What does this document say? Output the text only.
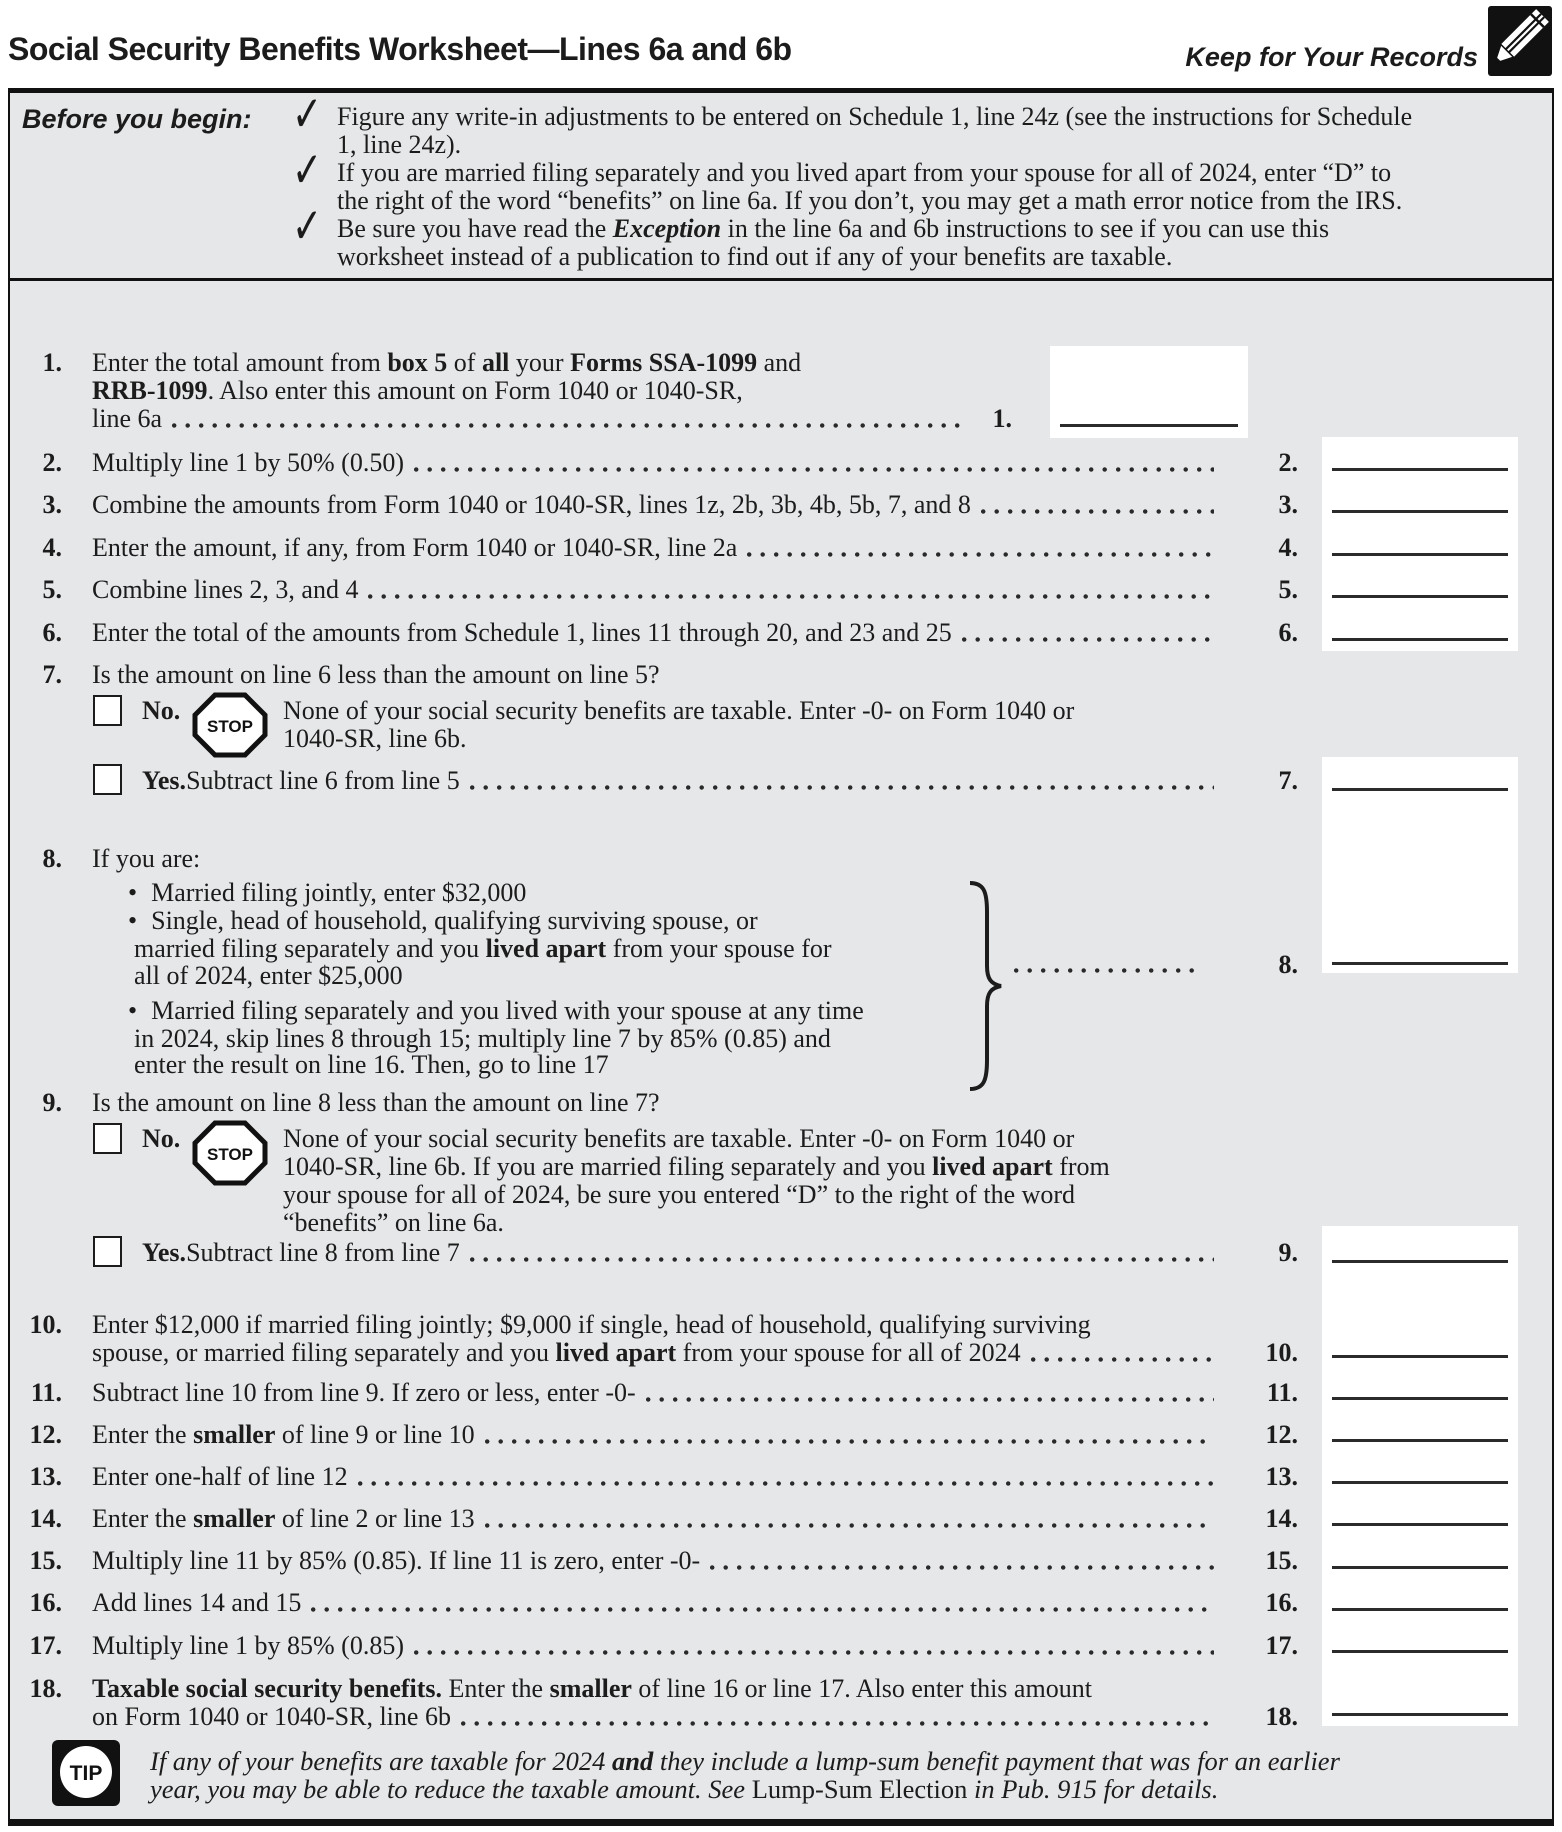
Social Security Benefits Worksheet—Lines 6a and 6b	Keep for Your Records
Before you begin: ✓ Figure any write-in adjustments to be entered on Schedule 1, line 24z (see the instructions for Schedule
1, line 24z).
✓ If you are married filing separately and you lived apart from your spouse for all of 2024, enter “D” to
the right of the word “benefits” on line 6a. If you don’t, you may get a math error notice from the IRS.
✓ Be sure you have read the Exception in the line 6a and 6b instructions to see if you can use this
worksheet instead of a publication to find out if any of your benefits are taxable.
1. Enter the total amount from box 5 of all your Forms SSA-1099 and
RRB-1099. Also enter this amount on Form 1040 or 1040-SR,
line 6a	1.
2. Multiply line 1 by 50% (0.50)	2.
3. Combine the amounts from Form 1040 or 1040-SR, lines 1z, 2b, 3b, 4b, 5b, 7, and 8	3.
4. Enter the amount, if any, from Form 1040 or 1040-SR, line 2a	4.
5. Combine lines 2, 3, and 4	5.
6. Enter the total of the amounts from Schedule 1, lines 11 through 20, and 23 and 25	6.
7. Is the amount on line 6 less than the amount on line 5?
No.
STOP
None of your social security benefits are taxable. Enter -0- on Form 1040 or
1040-SR, line 6b.
Yes. Subtract line 6 from line 5	7.
8. If you are:
• Married filing jointly, enter $32,000
• Single, head of household, qualifying surviving spouse, or
married filing separately and you lived apart from your spouse for
all of 2024, enter $25,000
• Married filing separately and you lived with your spouse at any time
in 2024, skip lines 8 through 15; multiply line 7 by 85% (0.85) and
enter the result on line 16. Then, go to line 17
8.
9. Is the amount on line 8 less than the amount on line 7?
No.
STOP
None of your social security benefits are taxable. Enter -0- on Form 1040 or
1040-SR, line 6b. If you are married filing separately and you lived apart from
your spouse for all of 2024, be sure you entered “D” to the right of the word
“benefits” on line 6a.
Yes. Subtract line 8 from line 7	9.
10. Enter $12,000 if married filing jointly; $9,000 if single, head of household, qualifying surviving
spouse, or married filing separately and you lived apart from your spouse for all of 2024	10.
11. Subtract line 10 from line 9. If zero or less, enter -0-	11.
12. Enter the smaller of line 9 or line 10	12.
13. Enter one-half of line 12	13.
14. Enter the smaller of line 2 or line 13	14.
15. Multiply line 11 by 85% (0.85). If line 11 is zero, enter -0-	15.
16. Add lines 14 and 15	16.
17. Multiply line 1 by 85% (0.85)	17.
18. Taxable social security benefits. Enter the smaller of line 16 or line 17. Also enter this amount
on Form 1040 or 1040-SR, line 6b	18.
TIP If any of your benefits are taxable for 2024 and they include a lump-sum benefit payment that was for an earlier
year, you may be able to reduce the taxable amount. See Lump-Sum Election in Pub. 915 for details.
